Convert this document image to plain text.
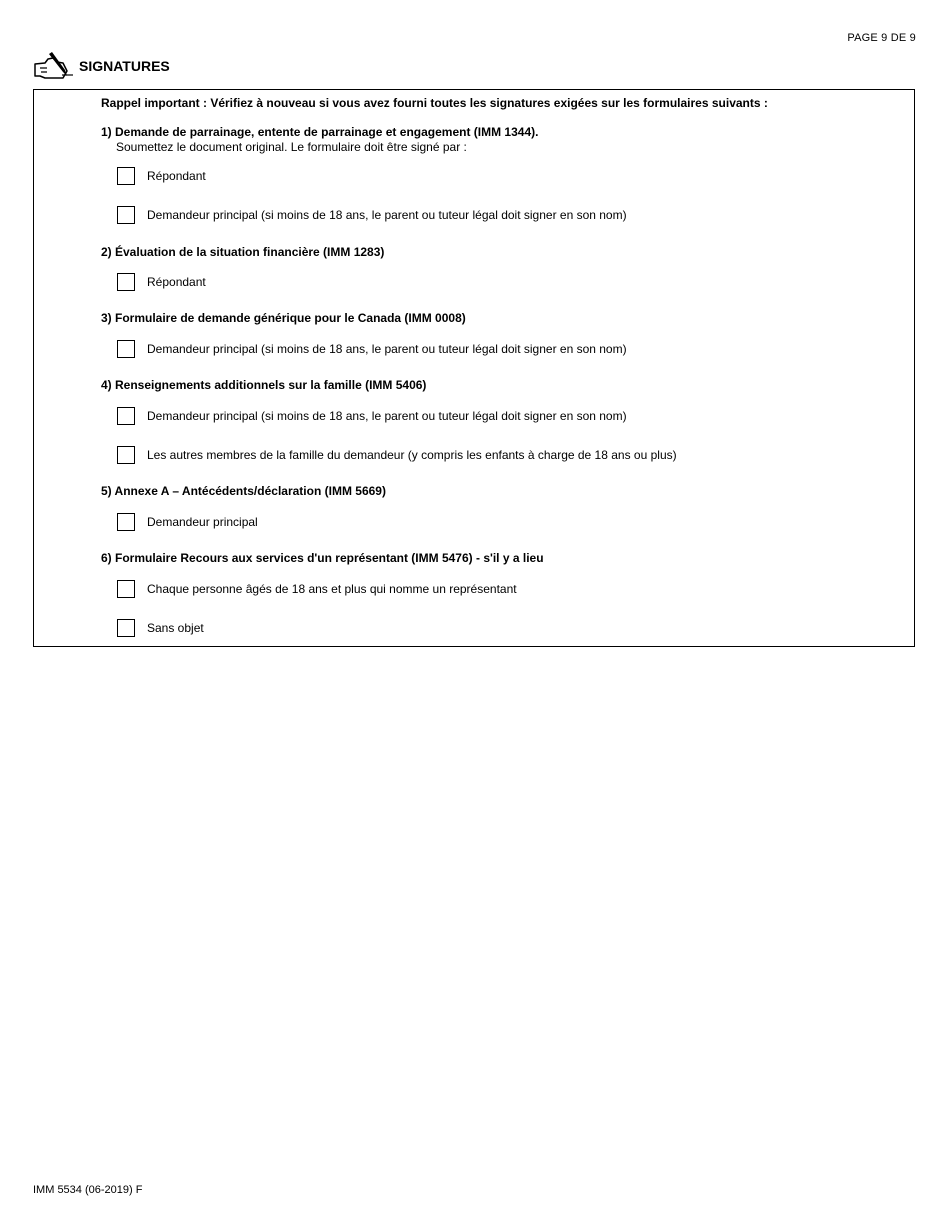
PAGE 9 DE 9
SIGNATURES
Rappel important : Vérifiez à nouveau si vous avez fourni toutes les signatures exigées sur les formulaires suivants :
1) Demande de parrainage, entente de parrainage et engagement (IMM 1344).
Soumettez le document original. Le formulaire doit être signé par :
Répondant
Demandeur principal (si moins de 18 ans, le parent ou tuteur légal doit signer en son nom)
2) Évaluation de la situation financière (IMM 1283)
Répondant
3) Formulaire de demande générique pour le Canada (IMM 0008)
Demandeur principal (si moins de 18 ans, le parent ou tuteur légal doit signer en son nom)
4) Renseignements additionnels sur la famille (IMM 5406)
Demandeur principal (si moins de 18 ans, le parent ou tuteur légal doit signer en son nom)
Les autres membres de la famille du demandeur (y compris les enfants à charge de 18 ans ou plus)
5) Annexe A – Antécédents/déclaration (IMM 5669)
Demandeur principal
6) Formulaire Recours aux services d'un représentant (IMM 5476) - s'il y a lieu
Chaque personne âgés de 18 ans et plus qui nomme un représentant
Sans objet
IMM 5534 (06-2019) F
